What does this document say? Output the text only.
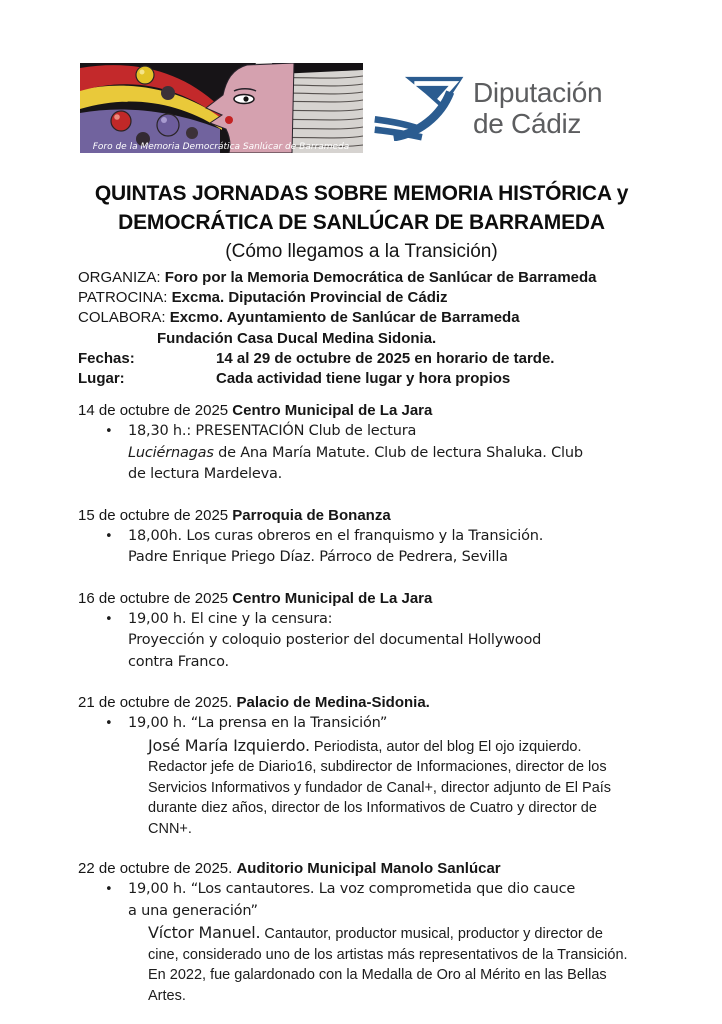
Foro de la Memoria Democrática Sanlúcar de Barrameda
Diputación
de Cádiz
QUINTAS JORNADAS SOBRE MEMORIA HISTÓRICA y
DEMOCRÁTICA DE SANLÚCAR DE BARRAMEDA
(Cómo llegamos a la Transición)
ORGANIZA: Foro por la Memoria Democrática de Sanlúcar de Barrameda
PATROCINA: Excma. Diputación Provincial de Cádiz
COLABORA: Excmo. Ayuntamiento de Sanlúcar de Barrameda
Fundación Casa Ducal Medina Sidonia.
Fechas:	14 al 29 de octubre de 2025 en horario de tarde.
Lugar:	Cada actividad tiene lugar y hora propios
14 de octubre de 2025 Centro Municipal de La Jara
•	18,30 h.: PRESENTACIÓN Club de lectura
Luciérnagas de Ana María Matute. Club de lectura Shaluka. Club
de lectura Mardeleva.
15 de octubre de 2025 Parroquia de Bonanza
•	18,00h. Los curas obreros en el franquismo y la Transición.
Padre Enrique Priego Díaz. Párroco de Pedrera, Sevilla
16 de octubre de 2025 Centro Municipal de La Jara
•	19,00 h. El cine y la censura:
Proyección y coloquio posterior del documental Hollywood
contra Franco.
21 de octubre de 2025. Palacio de Medina-Sidonia.
•	19,00 h. “La prensa en la Transición”
José María Izquierdo. Periodista, autor del blog El ojo izquierdo.
Redactor jefe de Diario16, subdirector de Informaciones, director de los
Servicios Informativos y fundador de Canal+, director adjunto de El País
durante diez años, director de los Informativos de Cuatro y director de
CNN+.
22 de octubre de 2025. Auditorio Municipal Manolo Sanlúcar
•	19,00 h. “Los cantautores. La voz comprometida que dio cauce
a una generación”
Víctor Manuel. Cantautor, productor musical, productor y director de
cine, considerado uno de los artistas más representativos de la Transición.
En 2022, fue galardonado con la Medalla de Oro al Mérito en las Bellas
Artes.
